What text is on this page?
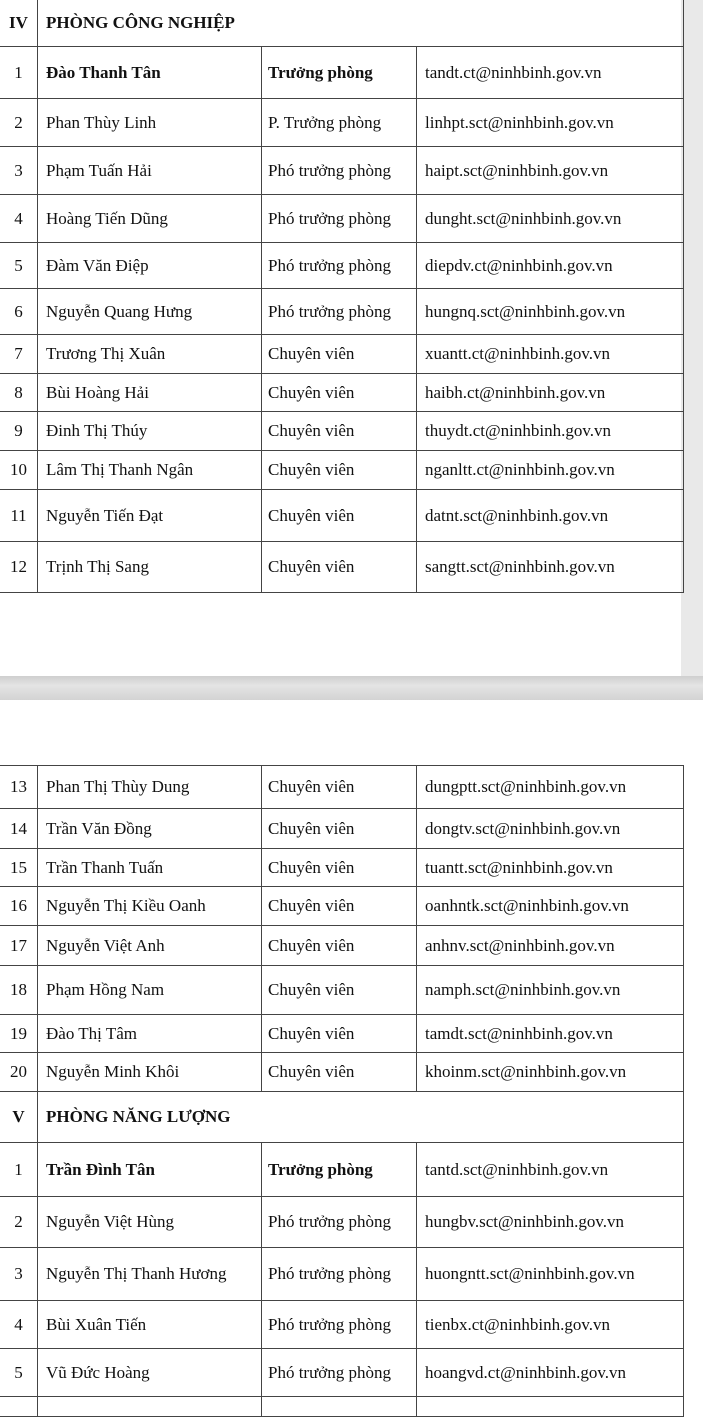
IV	PHÒNG CÔNG NGHIỆP		
1	Đào Thanh Tân	Trưởng phòng	tandt.ct@ninhbinh.gov.vn
2	Phan Thùy Linh	P. Trưởng phòng	linhpt.sct@ninhbinh.gov.vn
3	Phạm Tuấn Hải	Phó trưởng phòng	haipt.sct@ninhbinh.gov.vn
4	Hoàng Tiến Dũng	Phó trưởng phòng	dunght.sct@ninhbinh.gov.vn
5	Đàm Văn Điệp	Phó trưởng phòng	diepdv.ct@ninhbinh.gov.vn
6	Nguyễn Quang Hưng	Phó trưởng phòng	hungnq.sct@ninhbinh.gov.vn
7	Trương Thị Xuân	Chuyên viên	xuantt.ct@ninhbinh.gov.vn
8	Bùi Hoàng Hải	Chuyên viên	haibh.ct@ninhbinh.gov.vn
9	Đinh Thị Thúy	Chuyên viên	thuydt.ct@ninhbinh.gov.vn
10	Lâm Thị Thanh Ngân	Chuyên viên	nganltt.ct@ninhbinh.gov.vn
11	Nguyễn Tiến Đạt	Chuyên viên	datnt.sct@ninhbinh.gov.vn
12	Trịnh Thị Sang	Chuyên viên	sangtt.sct@ninhbinh.gov.vn
13	Phan Thị Thùy Dung	Chuyên viên	dungptt.sct@ninhbinh.gov.vn
14	Trần Văn Đồng	Chuyên viên	dongtv.sct@ninhbinh.gov.vn
15	Trần Thanh Tuấn	Chuyên viên	tuantt.sct@ninhbinh.gov.vn
16	Nguyễn Thị Kiều Oanh	Chuyên viên	oanhntk.sct@ninhbinh.gov.vn
17	Nguyễn Việt Anh	Chuyên viên	anhnv.sct@ninhbinh.gov.vn
18	Phạm Hồng Nam	Chuyên viên	namph.sct@ninhbinh.gov.vn
19	Đào Thị Tâm	Chuyên viên	tamdt.sct@ninhbinh.gov.vn
20	Nguyễn Minh Khôi	Chuyên viên	khoinm.sct@ninhbinh.gov.vn
V	PHÒNG NĂNG LƯỢNG		
1	Trần Đình Tân	Trưởng phòng	tantd.sct@ninhbinh.gov.vn
2	Nguyễn Việt Hùng	Phó trưởng phòng	hungbv.sct@ninhbinh.gov.vn
3	Nguyễn Thị Thanh Hương	Phó trưởng phòng	huongntt.sct@ninhbinh.gov.vn
4	Bùi Xuân Tiến	Phó trưởng phòng	tienbx.ct@ninhbinh.gov.vn
5	Vũ Đức Hoàng	Phó trưởng phòng	hoangvd.ct@ninhbinh.gov.vn
